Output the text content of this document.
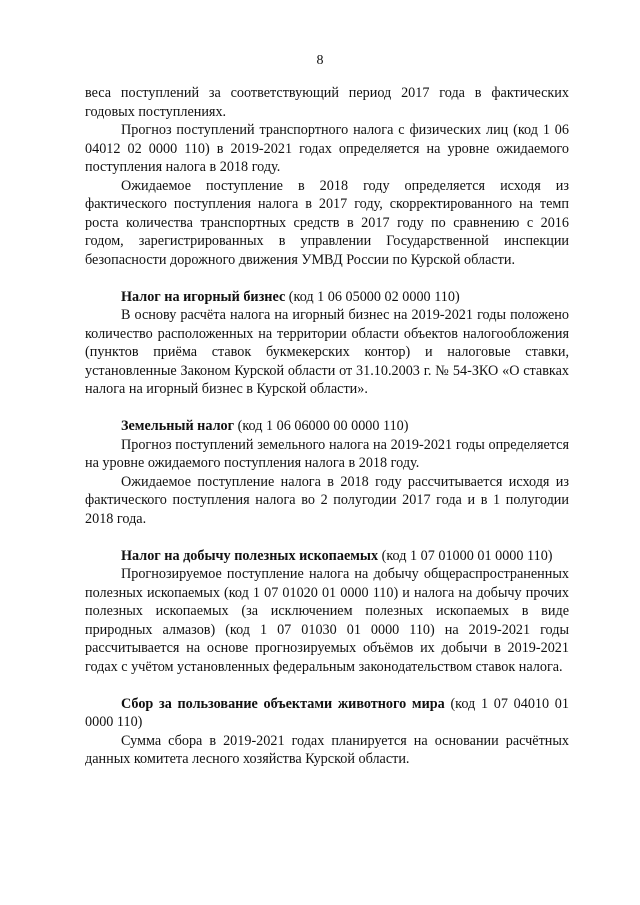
8

веса поступлений за соответствующий период 2017 года в фактических годовых поступлениях.

Прогноз поступлений транспортного налога с физических лиц (код 1 06 04012 02 0000 110) в 2019-2021 годах определяется на уровне ожидаемого поступления налога в 2018 году.

Ожидаемое поступление в 2018 году определяется исходя из фактического поступления налога в 2017 году, скорректированного на темп роста количества транспортных средств в 2017 году по сравнению с 2016 годом, зарегистрированных в управлении Государственной инспекции безопасности дорожного движения УМВД России по Курской области.

Налог на игорный бизнес (код 1 06 05000 02 0000 110)

В основу расчёта налога на игорный бизнес на 2019-2021 годы положено количество расположенных на территории области объектов налогообложения (пунктов приёма ставок букмекерских контор) и налоговые ставки, установленные Законом Курской области от 31.10.2003 г. № 54-ЗКО «О ставках налога на игорный бизнес в Курской области».

Земельный налог (код 1 06 06000 00 0000 110)

Прогноз поступлений земельного налога на 2019-2021 годы определяется на уровне ожидаемого поступления налога в 2018 году.

Ожидаемое поступление налога в 2018 году рассчитывается исходя из фактического поступления налога во 2 полугодии 2017 года и в 1 полугодии 2018 года.

Налог на добычу полезных ископаемых (код 1 07 01000 01 0000 110)

Прогнозируемое поступление налога на добычу общераспространенных полезных ископаемых (код 1 07 01020 01 0000 110) и налога на добычу прочих полезных ископаемых (за исключением полезных ископаемых в виде природных алмазов) (код 1 07 01030 01 0000 110) на 2019-2021 годы рассчитывается на основе прогнозируемых объёмов их добычи в 2019-2021 годах с учётом установленных федеральным законодательством ставок налога.

Сбор за пользование объектами животного мира (код 1 07 04010 01 0000 110)

Сумма сбора в 2019-2021 годах планируется на основании расчётных данных комитета лесного хозяйства Курской области.
